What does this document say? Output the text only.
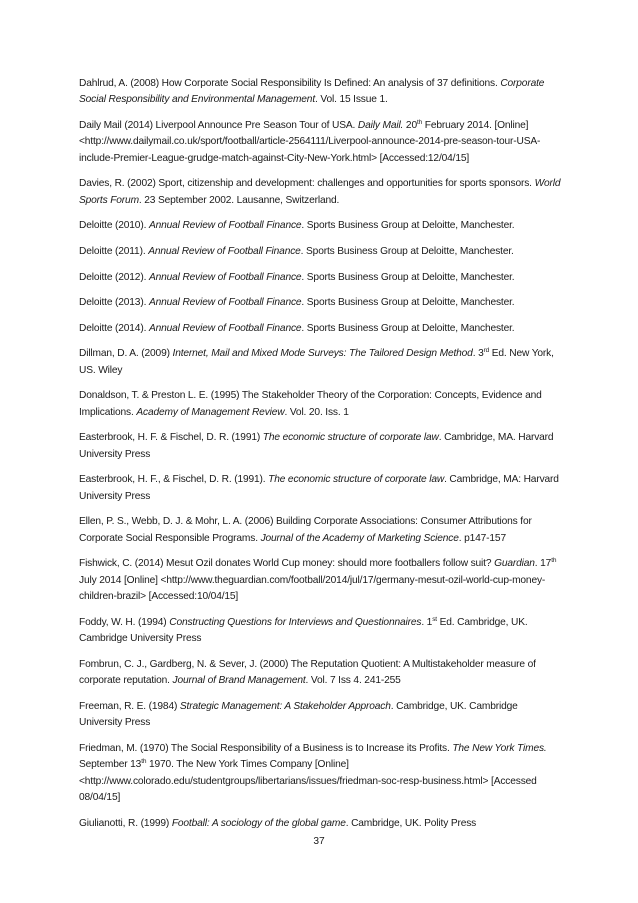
Dahlrud, A. (2008) How Corporate Social Responsibility Is Defined: An analysis of 37 definitions. Corporate Social Responsibility and Environmental Management. Vol. 15 Issue 1.

Daily Mail (2014) Liverpool Announce Pre Season Tour of USA. Daily Mail. 20th February 2014. [Online] <http://www.dailymail.co.uk/sport/football/article-2564111/Liverpool-announce-2014-pre-season-tour-USA-include-Premier-League-grudge-match-against-City-New-York.html> [Accessed:12/04/15]

Davies, R. (2002) Sport, citizenship and development: challenges and opportunities for sports sponsors. World Sports Forum. 23 September 2002. Lausanne, Switzerland.

Deloitte (2010). Annual Review of Football Finance. Sports Business Group at Deloitte, Manchester.

Deloitte (2011). Annual Review of Football Finance. Sports Business Group at Deloitte, Manchester.

Deloitte (2012). Annual Review of Football Finance. Sports Business Group at Deloitte, Manchester.

Deloitte (2013). Annual Review of Football Finance. Sports Business Group at Deloitte, Manchester.

Deloitte (2014). Annual Review of Football Finance. Sports Business Group at Deloitte, Manchester.

Dillman, D. A. (2009) Internet, Mail and Mixed Mode Surveys: The Tailored Design Method. 3rd Ed. New York, US. Wiley

Donaldson, T. & Preston L. E. (1995) The Stakeholder Theory of the Corporation: Concepts, Evidence and Implications. Academy of Management Review. Vol. 20. Iss. 1

Easterbrook, H. F. & Fischel, D. R. (1991) The economic structure of corporate law. Cambridge, MA. Harvard University Press

Easterbrook, H. F., & Fischel, D. R. (1991). The economic structure of corporate law. Cambridge, MA: Harvard University Press

Ellen, P. S., Webb, D. J. & Mohr, L. A. (2006) Building Corporate Associations: Consumer Attributions for Corporate Social Responsible Programs. Journal of the Academy of Marketing Science. p147-157

Fishwick, C. (2014) Mesut Ozil donates World Cup money: should more footballers follow suit? Guardian. 17th July 2014 [Online] <http://www.theguardian.com/football/2014/jul/17/germany-mesut-ozil-world-cup-money-children-brazil> [Accessed:10/04/15]

Foddy, W. H. (1994) Constructing Questions for Interviews and Questionnaires. 1st Ed. Cambridge, UK. Cambridge University Press

Fombrun, C. J., Gardberg, N. & Sever, J. (2000) The Reputation Quotient: A Multistakeholder measure of corporate reputation. Journal of Brand Management. Vol. 7 Iss 4. 241-255

Freeman, R. E. (1984) Strategic Management: A Stakeholder Approach. Cambridge, UK. Cambridge University Press

Friedman, M. (1970) The Social Responsibility of a Business is to Increase its Profits. The New York Times. September 13th 1970. The New York Times Company [Online] <http://www.colorado.edu/studentgroups/libertarians/issues/friedman-soc-resp-business.html> [Accessed 08/04/15]

Giulianotti, R. (1999) Football: A sociology of the global game. Cambridge, UK. Polity Press

37
